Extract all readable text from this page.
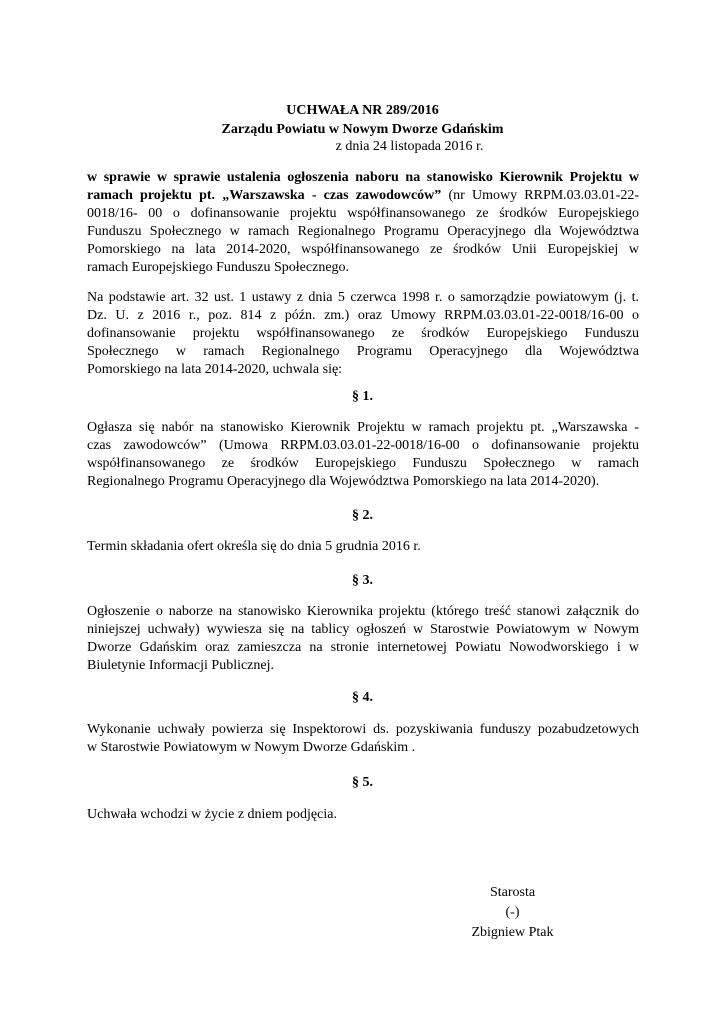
UCHWAŁA NR 289/2016
Zarządu Powiatu w Nowym Dworze Gdańskim
z dnia 24 listopada 2016 r.
w sprawie w sprawie ustalenia ogłoszenia naboru na stanowisko Kierownik Projektu w
ramach projektu pt. „Warszawska - czas zawodowców” (nr Umowy RRPM.03.03.01-22-
0018/16- 00 o dofinansowanie projektu współfinansowanego ze środków Europejskiego
Funduszu Społecznego w ramach Regionalnego Programu Operacyjnego dla Województwa
Pomorskiego na lata 2014-2020, współfinansowanego ze środków Unii Europejskiej w
ramach Europejskiego Funduszu Społecznego.
Na podstawie art. 32 ust. 1 ustawy z dnia 5 czerwca 1998 r. o samorządzie powiatowym (j. t.
Dz. U. z 2016 r., poz. 814 z późn. zm.) oraz Umowy RRPM.03.03.01-22-0018/16-00 o
dofinansowanie projektu współfinansowanego ze środków Europejskiego Funduszu
Społecznego w ramach Regionalnego Programu Operacyjnego dla Województwa
Pomorskiego na lata 2014-2020, uchwala się:
§ 1.
Ogłasza się nabór na stanowisko Kierownik Projektu w ramach projektu pt. „Warszawska -
czas zawodowców” (Umowa RRPM.03.03.01-22-0018/16-00 o dofinansowanie projektu
współfinansowanego ze środków Europejskiego Funduszu Społecznego w ramach
Regionalnego Programu Operacyjnego dla Województwa Pomorskiego na lata 2014-2020).
§ 2.
Termin składania ofert określa się do dnia 5 grudnia 2016 r.
§ 3.
Ogłoszenie o naborze na stanowisko Kierownika projektu (którego treść stanowi załącznik do
niniejszej uchwały) wywiesza się na tablicy ogłoszeń w Starostwie Powiatowym w Nowym
Dworze Gdańskim oraz zamieszcza na stronie internetowej Powiatu Nowodworskiego i w
Biuletynie Informacji Publicznej.
§ 4.
Wykonanie uchwały powierza się Inspektorowi ds. pozyskiwania funduszy pozabudzetowych
w Starostwie Powiatowym w Nowym Dworze Gdańskim .
§ 5.
Uchwała wchodzi w życie z dniem podjęcia.
Starosta
(-)
Zbigniew Ptak
